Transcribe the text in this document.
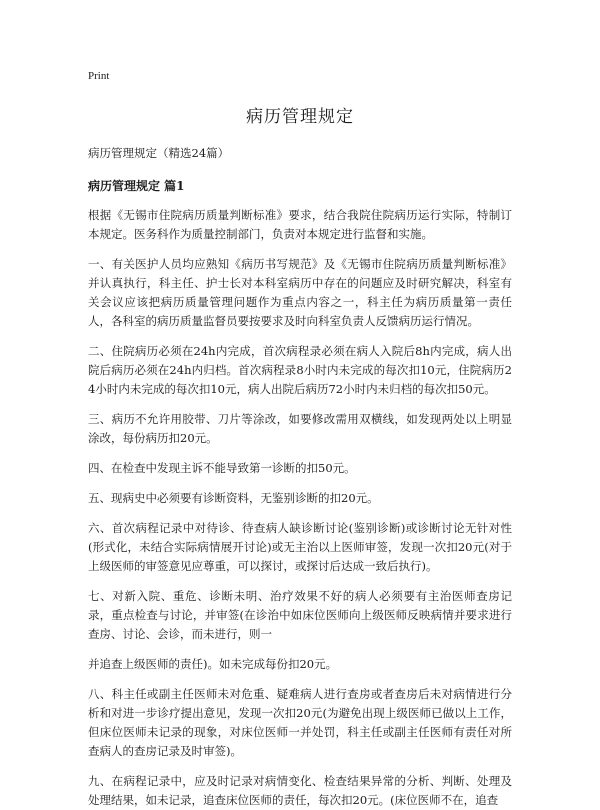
Print
病历管理规定

病历管理规定（精选24篇）

病历管理规定 篇1

根据《无锡市住院病历质量判断标准》要求，结合我院住院病历运行实际，特制订本规定。医务科作为质量控制部门，负责对本规定进行监督和实施。

一、有关医护人员均应熟知《病历书写规范》及《无锡市住院病历质量判断标准》并认真执行，科主任、护士长对本科室病历中存在的问题应及时研究解决，科室有关会议应该把病历质量管理问题作为重点内容之一，科主任为病历质量第一责任人，各科室的病历质量监督员要按要求及时向科室负责人反馈病历运行情况。

二、住院病历必须在24h内完成，首次病程录必须在病人入院后8h内完成，病人出院后病历必须在24h内归档。首次病程录8小时内未完成的每次扣10元，住院病历24小时内未完成的每次扣10元，病人出院后病历72小时内未归档的每次扣50元。

三、病历不允许用胶带、刀片等涂改，如要修改需用双横线，如发现两处以上明显涂改，每份病历扣20元。

四、在检查中发现主诉不能导致第一诊断的扣50元。

五、现病史中必须要有诊断资料，无鉴别诊断的扣20元。

六、首次病程记录中对待诊、待查病人缺诊断讨论(鉴别诊断)或诊断讨论无针对性(形式化，未结合实际病情展开讨论)或无主治以上医师审签，发现一次扣20元(对于上级医师的审签意见应尊重，可以探讨，或探讨后达成一致后执行)。

七、对新入院、重危、诊断未明、治疗效果不好的病人必须要有主治医师查房记录，重点检查与讨论，并审签(在诊治中如床位医师向上级医师反映病情并要求进行查房、讨论、会诊，而未进行，则一

并追查上级医师的责任)。如未完成每份扣20元。

八、科主任或副主任医师未对危重、疑难病人进行查房或者查房后未对病情进行分析和对进一步诊疗提出意见，发现一次扣20元(为避免出现上级医师已做以上工作，但床位医师未记录的现象，对床位医师一并处罚，科主任或副主任医师有责任对所查病人的查房记录及时审签)。

九、在病程记录中，应及时记录对病情变化、检查结果异常的分析、判断、处理及处理结果，如未记录，追查床位医师的责任，每次扣20元。(床位医师不在，追查
